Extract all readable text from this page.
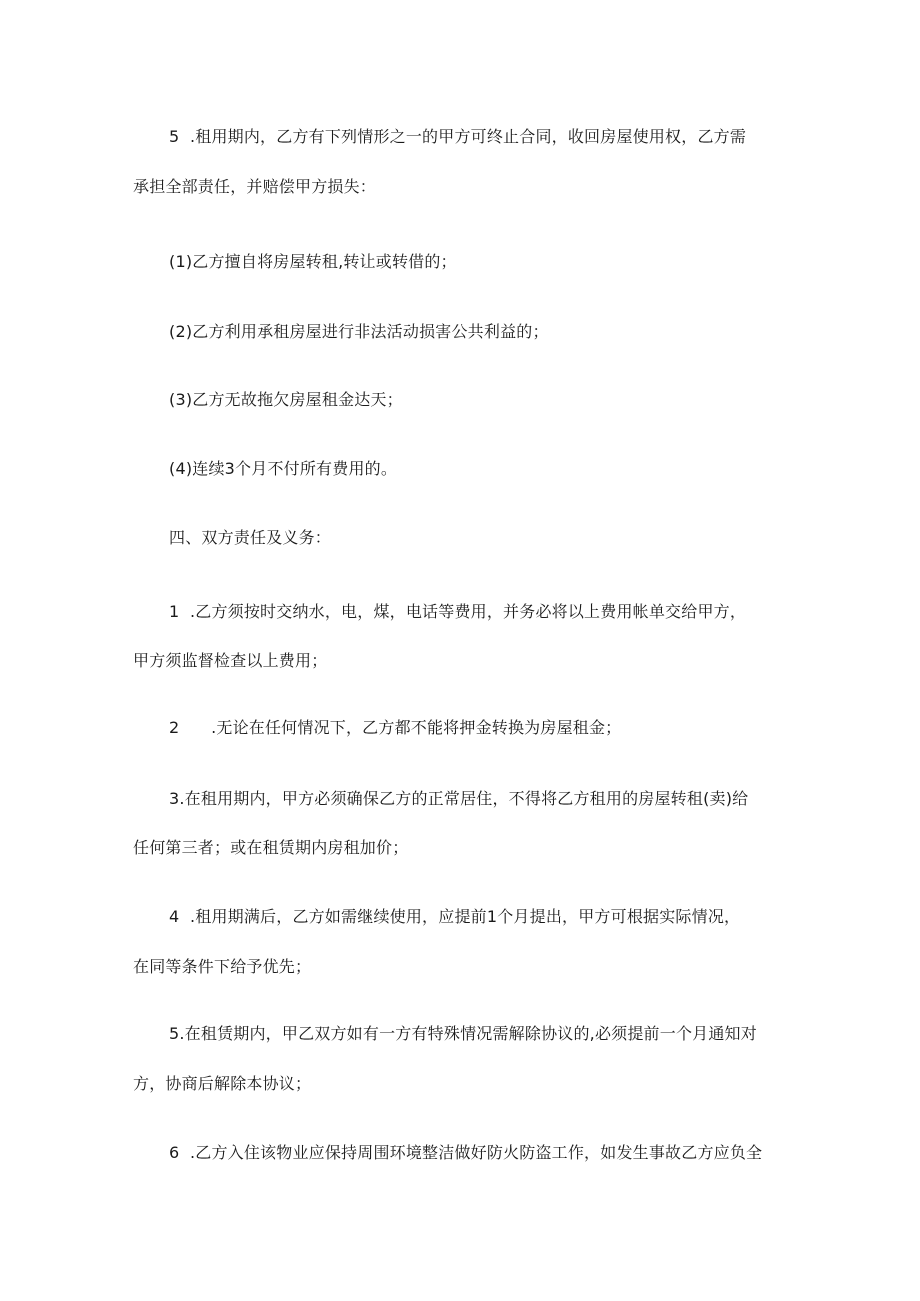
5  .租用期内，乙方有下列情形之一的甲方可终止合同，收回房屋使用权，乙方需
承担全部责任，并赔偿甲方损失：
(1)乙方擅自将房屋转租,转让或转借的；
(2)乙方利用承租房屋进行非法活动损害公共利益的；
(3)乙方无故拖欠房屋租金达天；
(4)连续3个月不付所有费用的。
四、双方责任及义务：
1  .乙方须按时交纳水，电，煤，电话等费用，并务必将以上费用帐单交给甲方，
甲方须监督检查以上费用；
2      .无论在任何情况下，乙方都不能将押金转换为房屋租金；
3.在租用期内，甲方必须确保乙方的正常居住，不得将乙方租用的房屋转租(卖)给
任何第三者；或在租赁期内房租加价；
4  .租用期满后，乙方如需继续使用，应提前1个月提出，甲方可根据实际情况，
在同等条件下给予优先；
5.在租赁期内，甲乙双方如有一方有特殊情况需解除协议的,必须提前一个月通知对
方，协商后解除本协议；
6  .乙方入住该物业应保持周围环境整洁做好防火防盗工作，如发生事故乙方应负全
